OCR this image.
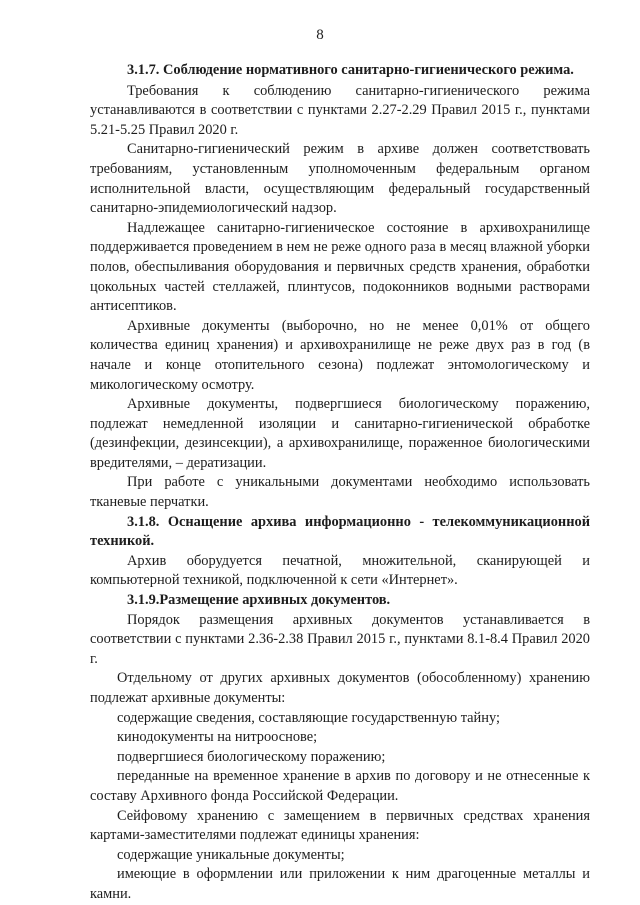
8

3.1.7. Соблюдение нормативного санитарно-гигиенического режима.

Требования к соблюдению санитарно-гигиенического режима устанавливаются в соответствии с пунктами 2.27-2.29 Правил 2015 г., пунктами 5.21-5.25 Правил 2020 г.

Санитарно-гигиенический режим в архиве должен соответствовать требованиям, установленным уполномоченным федеральным органом исполнительной власти, осуществляющим федеральный государственный санитарно-эпидемиологический надзор.

Надлежащее санитарно-гигиеническое состояние в архивохранилище поддерживается проведением в нем не реже одного раза в месяц влажной уборки полов, обеспыливания оборудования и первичных средств хранения, обработки цокольных частей стеллажей, плинтусов, подоконников водными растворами антисептиков.

Архивные документы (выборочно, но не менее 0,01% от общего количества единиц хранения) и архивохранилище не реже двух раз в год (в начале и конце отопительного сезона) подлежат энтомологическому и микологическому осмотру.

Архивные документы, подвергшиеся биологическому поражению, подлежат немедленной изоляции и санитарно-гигиенической обработке (дезинфекции, дезинсекции), а архивохранилище, пораженное биологическими вредителями, – дератизации.

При работе с уникальными документами необходимо использовать тканевые перчатки.

3.1.8. Оснащение архива информационно - телекоммуникационной техникой.

Архив оборудуется печатной, множительной, сканирующей и компьютерной техникой, подключенной к сети «Интернет».

3.1.9.Размещение архивных документов.

Порядок размещения архивных документов устанавливается в соответствии с пунктами 2.36-2.38 Правил 2015 г., пунктами 8.1-8.4 Правил 2020 г.

Отдельному от других архивных документов (обособленному) хранению подлежат архивные документы:

содержащие сведения, составляющие государственную тайну;

кинодокументы на нитрооснове;

подвергшиеся биологическому поражению;

переданные на временное хранение в архив по договору и не отнесенные к составу Архивного фонда Российской Федерации.

Сейфовому хранению с замещением в первичных средствах хранения картами-заместителями подлежат единицы хранения:

содержащие уникальные документы;

имеющие в оформлении или приложении к ним драгоценные металлы и камни.
